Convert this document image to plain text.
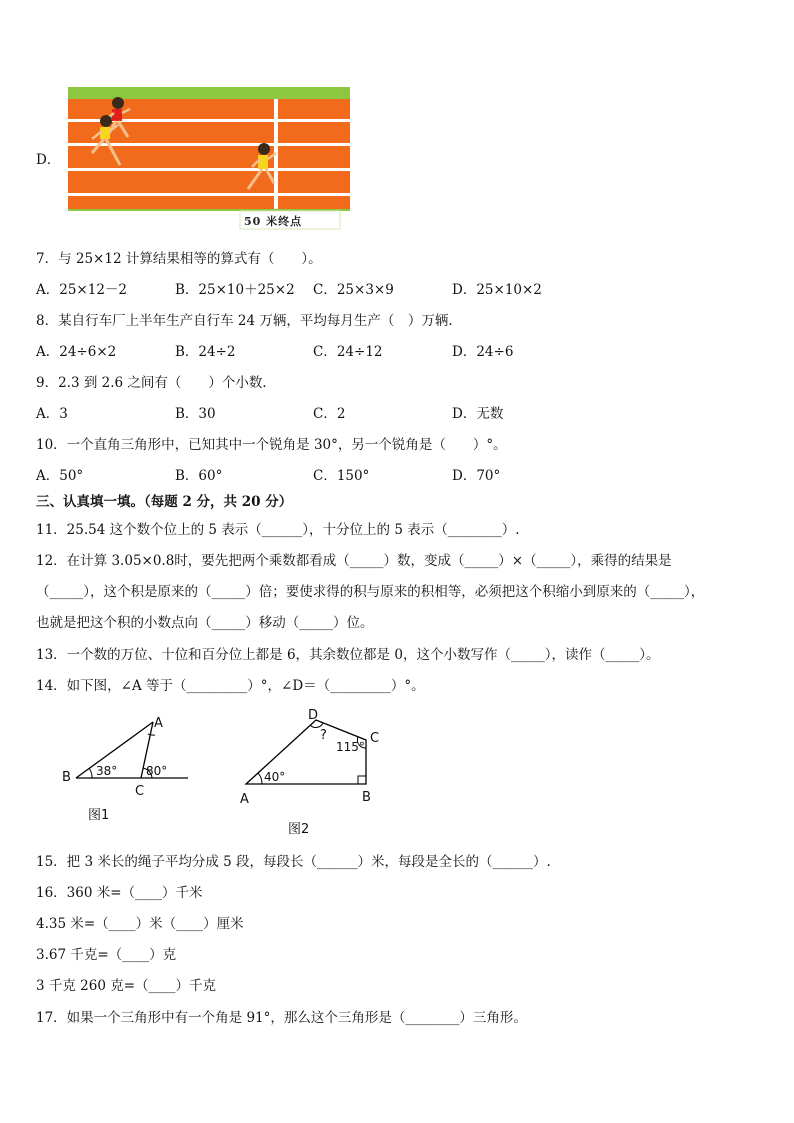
D．
50 米终点
7．与 25×12 计算结果相等的算式有（　　）。
A．25×12－2	B．25×10＋25×2 C．25×3×9	D．25×10×2
8．某自行车厂上半年生产自行车 24 万辆，平均每月生产（　）万辆．
A．24÷6×2	B．24÷2	C．24÷12	D．24÷6
9．2.3 到 2.6 之间有（　　）个小数．
A．3	B．30	C．2	D．无数
10．一个直角三角形中，已知其中一个锐角是 30°，另一个锐角是（　　）°。
A．50°	B．60°	C．150°	D．70°
三、认真填一填。（每题 2 分，共 20 分）
11．25.54 这个数个位上的 5 表示（______），十分位上的 5 表示（________）.
12．在计算 3.05×0.8时，要先把两个乘数都看成（_____）数，变成（_____）×（_____），乘得的结果是
（_____），这个积是原来的（_____）倍；要使求得的积与原来的积相等，必须把这个积缩小到原来的（_____），
也就是把这个积的小数点向（_____）移动（_____）位。
13．一个数的万位、十位和百分位上都是 6，其余数位都是 0，这个小数写作（_____），读作（_____）。
14．如下图，∠A 等于（_________）°，∠D＝（_________）°。
A
B
C
38° 80°
图1
D
C
A	B
40°
115°
?
图2
15．把 3 米长的绳子平均分成 5 段，每段长（______）米，每段是全长的（______）.
16．360 米=（____）千米
4.35 米=（____）米（____）厘米
3.67 千克=（____）克
3 千克 260 克=（____）千克
17．如果一个三角形中有一个角是 91°，那么这个三角形是（________）三角形。
